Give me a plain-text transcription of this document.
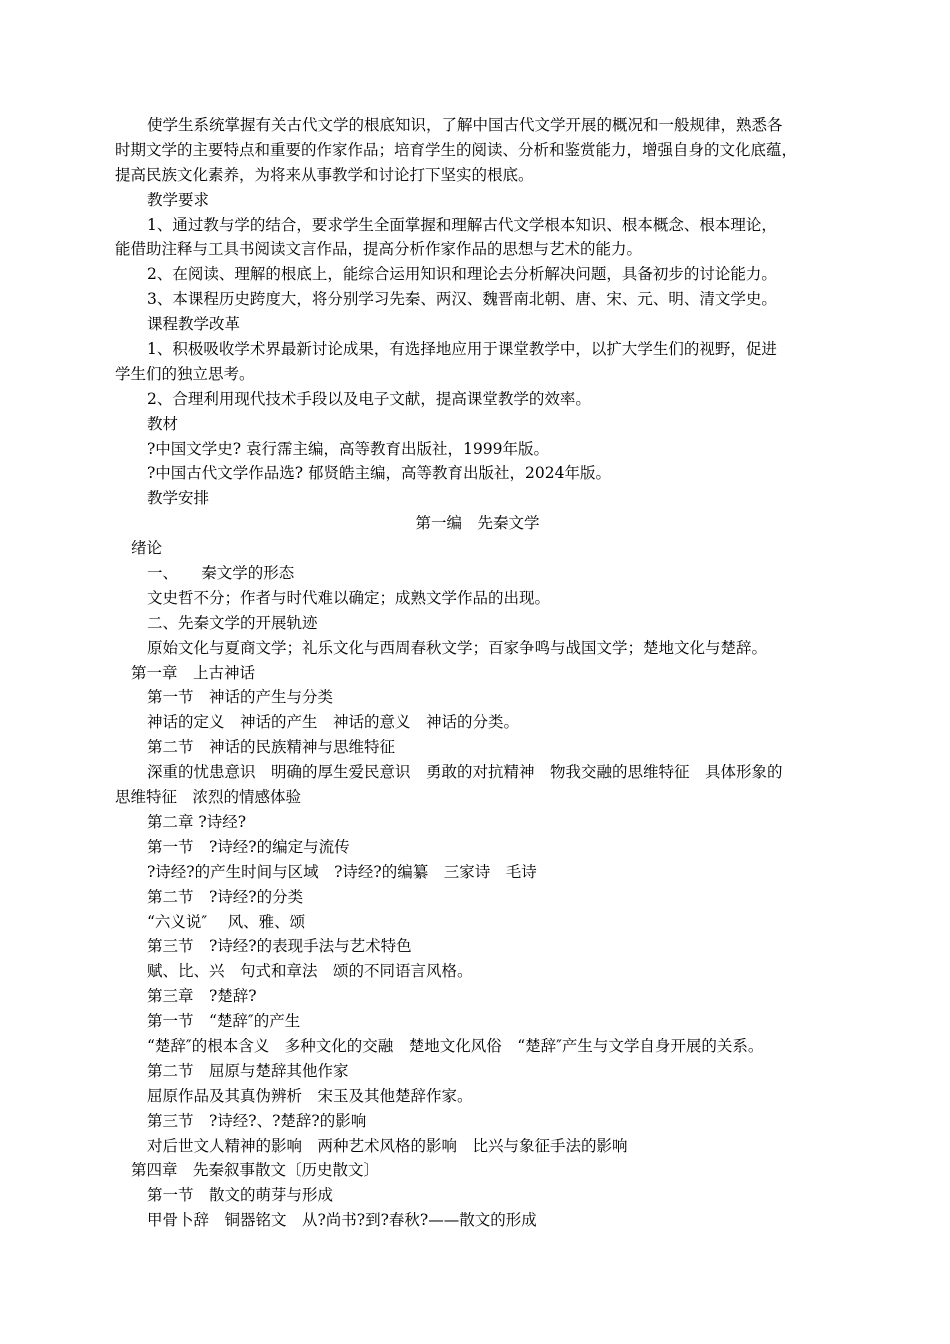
使学生系统掌握有关古代文学的根底知识，了解中国古代文学开展的概况和一般规律，熟悉各

时期文学的主要特点和重要的作家作品；培育学生的阅读、分析和鉴赏能力，增强自身的文化底蕴，

提高民族文化素养，为将来从事教学和讨论打下坚实的根底。

教学要求

1、通过教与学的结合，要求学生全面掌握和理解古代文学根本知识、根本概念、根本理论，

能借助注释与工具书阅读文言作品，提高分析作家作品的思想与艺术的能力。

2、在阅读、理解的根底上，能综合运用知识和理论去分析解决问题，具备初步的讨论能力。

3、本课程历史跨度大，将分别学习先秦、两汉、魏晋南北朝、唐、宋、元、明、清文学史。

课程教学改革

1、积极吸收学术界最新讨论成果，有选择地应用于课堂教学中，以扩大学生们的视野，促进

学生们的独立思考。

2、合理利用现代技术手段以及电子文献，提高课堂教学的效率。

教材

?中国文学史? 袁行霈主编，高等教育出版社，1999年版。

?中国古代文学作品选? 郁贤皓主编，高等教育出版社，2024年版。

教学安排

第一编　先秦文学

绪论

一、　　秦文学的形态

文史哲不分；作者与时代难以确定；成熟文学作品的出现。

二、先秦文学的开展轨迹

原始文化与夏商文学；礼乐文化与西周春秋文学；百家争鸣与战国文学；楚地文化与楚辞。

第一章　上古神话

第一节　神话的产生与分类

神话的定义　神话的产生　神话的意义　神话的分类。

第二节　神话的民族精神与思维特征

深重的忧患意识　明确的厚生爱民意识　勇敢的对抗精神　物我交融的思维特征　具体形象的

思维特征　浓烈的情感体验

第二章 ?诗经?

第一节　?诗经?的编定与流传

?诗经?的产生时间与区域　?诗经?的编纂　三家诗　毛诗

第二节　?诗经?的分类

“六义说″　 风、雅、颂

第三节　?诗经?的表现手法与艺术特色

赋、比、兴　句式和章法　颂的不同语言风格。

第三章　?楚辞?

第一节　“楚辞″的产生

“楚辞″的根本含义　多种文化的交融　楚地文化风俗　“楚辞″产生与文学自身开展的关系。

第二节　屈原与楚辞其他作家

屈原作品及其真伪辨析　宋玉及其他楚辞作家。

第三节　?诗经?、?楚辞?的影响

对后世文人精神的影响　两种艺术风格的影响　比兴与象征手法的影响

第四章　先秦叙事散文〔历史散文〕

第一节　散文的萌芽与形成

甲骨卜辞　铜器铭文　从?尚书?到?春秋?——散文的形成
